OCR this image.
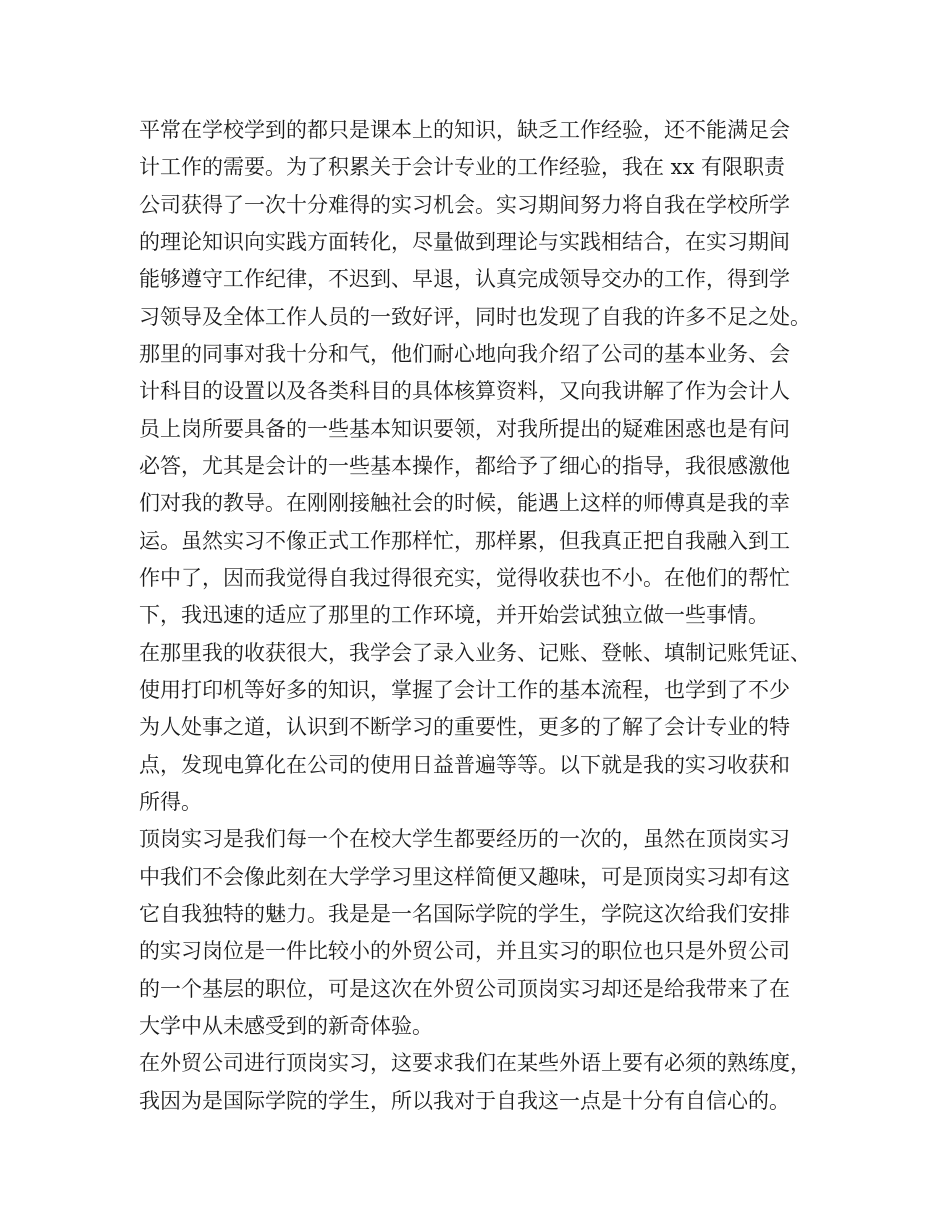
平常在学校学到的都只是课本上的知识，缺乏工作经验，还不能满足会
计工作的需要。为了积累关于会计专业的工作经验，我在 xx 有限职责
公司获得了一次十分难得的实习机会。实习期间努力将自我在学校所学
的理论知识向实践方面转化，尽量做到理论与实践相结合，在实习期间
能够遵守工作纪律，不迟到、早退，认真完成领导交办的工作，得到学
习领导及全体工作人员的一致好评，同时也发现了自我的许多不足之处。
那里的同事对我十分和气，他们耐心地向我介绍了公司的基本业务、会
计科目的设置以及各类科目的具体核算资料，又向我讲解了作为会计人
员上岗所要具备的一些基本知识要领，对我所提出的疑难困惑也是有问
必答，尤其是会计的一些基本操作，都给予了细心的指导，我很感激他
们对我的教导。在刚刚接触社会的时候，能遇上这样的师傅真是我的幸
运。虽然实习不像正式工作那样忙，那样累，但我真正把自我融入到工
作中了，因而我觉得自我过得很充实，觉得收获也不小。在他们的帮忙
下，我迅速的适应了那里的工作环境，并开始尝试独立做一些事情。
在那里我的收获很大，我学会了录入业务、记账、登帐、填制记账凭证、
使用打印机等好多的知识，掌握了会计工作的基本流程，也学到了不少
为人处事之道，认识到不断学习的重要性，更多的了解了会计专业的特
点，发现电算化在公司的使用日益普遍等等。以下就是我的实习收获和
所得。
顶岗实习是我们每一个在校大学生都要经历的一次的，虽然在顶岗实习
中我们不会像此刻在大学学习里这样简便又趣味，可是顶岗实习却有这
它自我独特的魅力。我是是一名国际学院的学生，学院这次给我们安排
的实习岗位是一件比较小的外贸公司，并且实习的职位也只是外贸公司
的一个基层的职位，可是这次在外贸公司顶岗实习却还是给我带来了在
大学中从未感受到的新奇体验。
在外贸公司进行顶岗实习，这要求我们在某些外语上要有必须的熟练度，
我因为是国际学院的学生，所以我对于自我这一点是十分有自信心的。
